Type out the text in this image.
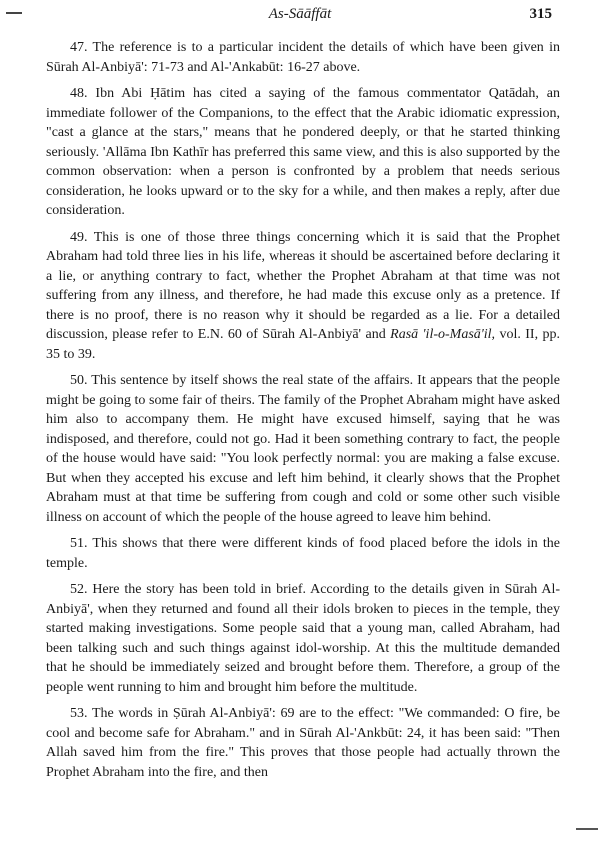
As-Sāāffāt	315

47. The reference is to a particular incident the details of which have been given in Sūrah Al-Anbiyā': 71-73 and Al-'Ankabūt: 16-27 above.

48. Ibn Abi Ḥātim has cited a saying of the famous commentator Qatādah, an immediate follower of the Companions, to the effect that the Arabic idiomatic expression, "cast a glance at the stars," means that he pondered deeply, or that he started thinking seriously. 'Allāma Ibn Kathīr has preferred this same view, and this is also supported by the common observation: when a person is confronted by a problem that needs serious consideration, he looks upward or to the sky for a while, and then makes a reply, after due consideration.

49. This is one of those three things concerning which it is said that the Prophet Abraham had told three lies in his life, whereas it should be ascertained before declaring it a lie, or anything contrary to fact, whether the Prophet Abraham at that time was not suffering from any illness, and therefore, he had made this excuse only as a pretence. If there is no proof, there is no reason why it should be regarded as a lie. For a detailed discussion, please refer to E.N. 60 of Sūrah Al-Anbiyā' and Rasā 'il-o-Masā'il, vol. II, pp. 35 to 39.

50. This sentence by itself shows the real state of the affairs. It appears that the people might be going to some fair of theirs. The family of the Prophet Abraham might have asked him also to accompany them. He might have excused himself, saying that he was indisposed, and therefore, could not go. Had it been something contrary to fact, the people of the house would have said: "You look perfectly normal: you are making a false excuse. But when they accepted his excuse and left him behind, it clearly shows that the Prophet Abraham must at that time be suffering from cough and cold or some other such visible illness on account of which the people of the house agreed to leave him behind.

51. This shows that there were different kinds of food placed before the idols in the temple.

52. Here the story has been told in brief. According to the details given in Sūrah Al-Anbiyā', when they returned and found all their idols broken to pieces in the temple, they started making investigations. Some people said that a young man, called Abraham, had been talking such and such things against idol-worship. At this the multitude demanded that he should be immediately seized and brought before them. Therefore, a group of the people went running to him and brought him before the multitude.

53. The words in Ṣūrah Al-Anbiyā': 69 are to the effect: "We commanded: O fire, be cool and become safe for Abraham." and in Sūrah Al-'Ankbūt: 24, it has been said: "Then Allah saved him from the fire." This proves that those people had actually thrown the Prophet Abraham into the fire, and then
